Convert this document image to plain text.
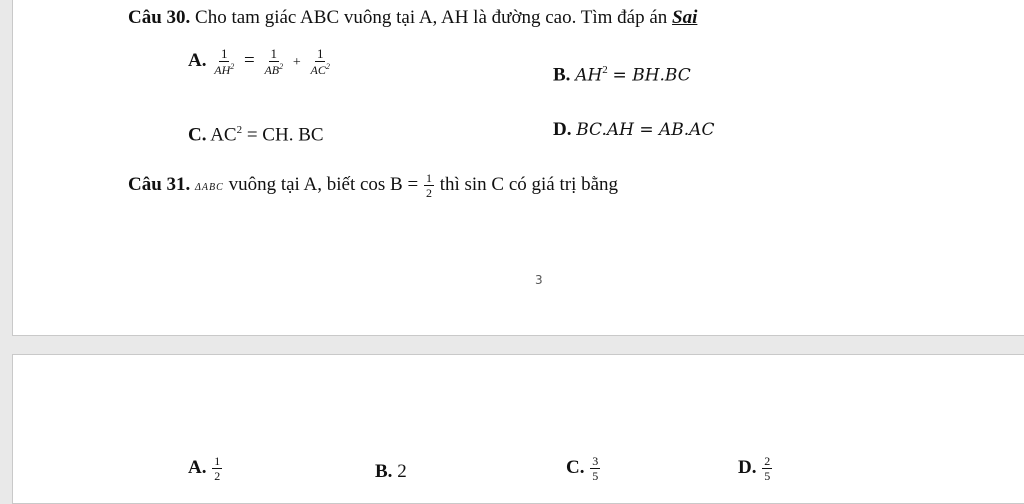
Câu 30. Cho tam giác ABC vuông tại A, AH là đường cao. Tìm đáp án Sai
A. $\frac{1}{AH^2} = \frac{1}{AB^2} + \frac{1}{AC^2}$	B. $AH^2 = BH.BC$
C. $AC^2$ = CH. BC	D. BC.AH = AB.AC
Câu 31. ΔABC vuông tại A, biết $\cos B = \frac{1}{2}$ thì sin C có giá trị bằng
3
A. $\frac{1}{2}$	B. 2	C. $\frac{3}{5}$	D. $\frac{2}{5}$
